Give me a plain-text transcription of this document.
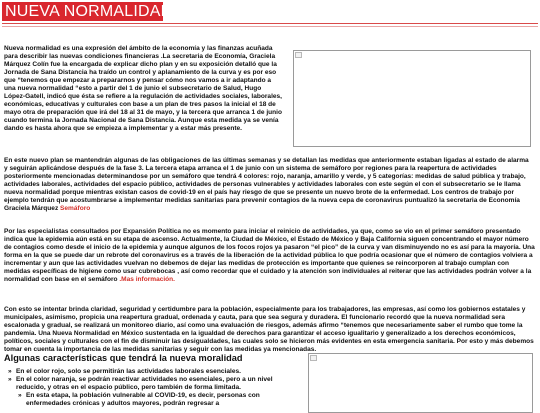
NUEVA NORMALIDAD

Nueva normalidad es una expresión del ámbito de la economía y las finanzas acuñada para describir las nuevas condiciones financieras .La secretaria de Economía, Graciela Márquez Colín fue la encargada de explicar dicho plan y en su exposición detalló que la Jornada de Sana Distancia ha traído un control y aplanamiento de la curva y es por eso que “tenemos que empezar a prepararnos y pensar cómo nos vamos a ir adaptando a una nueva normalidad “esto a partir del 1 de junio el subsecretario de Salud, Hugo López-Gatell, indicó que ésta se refiere a la regulación de actividades sociales, laborales, económicas, educativas y culturales con base a un plan de tres pasos la inicial el 18 de mayo otra de preparación que irá del 18 al 31 de mayo, y la tercera que arranca 1 de junio cuando termina la Jornada Nacional de Sana Distancia. Aunque esta medida ya se venía dando es hasta ahora que se empieza a implementar y a estar más presente.

En este nuevo plan se mantendrán algunas de las obligaciones de las últimas semanas y se detallan las medidas que anteriormente estaban ligadas al estado de alarma y seguirán aplicándose después de la fase 3. La tercera etapa arranca el 1 de junio con un sistema de semáforo por regiones para la reapertura de actividades posteriormente mencionadas determinandose por un semáforo que tendrá 4 colores: rojo, naranja, amarillo y verde, y 5 categorías: medidas de salud pública y trabajo, actividades laborales, actividades del espacio público, actividades de personas vulnerables y actividades laborales con este según el con el subsecretario se le llama nueva normalidad porque mientras existan casos de covid-19 en el país hay riesgo de que se presente un nuevo brote de la enfermedad. Los centros de trabajo por ejemplo tendrán que acostumbrarse a implementar medidas sanitarias para prevenir contagios de la nueva cepa de coronavirus puntualizó la secretaria de Economía Graciela Márquez Semáforo

Por las especialistas consultados por Expansión Política no es momento para iniciar el reinicio de actividades, ya que, como se vio en el primer semáforo presentado indica que la epidemia aún está en su etapa de ascenso. Actualmente, la Ciudad de México, el Estado de México y Baja California siguen concentrando el mayor número de contagios como desde el inicio de la epidemia y aunque algunos de los focos rojos ya pasaron “el pico” de la curva y van disminuyendo no es así para la mayoría. Una forma en la que se puede dar un rebrote del coronavirus es a través de la liberación de la actividad pública lo que podría ocasionar que el número de contagios volviera a incrementar y aun que las actividades vuelvan no debemos de dejar las medidas de protección es importante que quienes se reincorporen al trabajo cumplan con medidas específicas de higiene como usar cubrebocas , así como recordar que el cuidado y la atención son individuales al reiterar que las actividades podrán volver a la normalidad con base en el semáforo .Mas información.

Con esto se intentar brinda claridad, seguridad y certidumbre para la población, especialmente para los trabajadores, las empresas, así como los gobiernos estatales y municipales, asimismo, propicia una reapertura gradual, ordenada y cauta, para que sea segura y duradera. El funcionario recordó que la nueva normalidad sera escalonada y gradual, se realizará un monitoreo diario, así como una evaluación de riesgos, además afirmo “tenemos que necesariamente saber el rumbo que tome la pandemia. Una Nueva Normalidad en México sustentada en la igualdad de derechos para garantizar el acceso igualitario y generalizado a los derechos económicos, políticos, sociales y culturales con el fin de disminuir las desigualdades, las cuales solo se hicieron más evidentes en esta emergencia sanitaria. Por esto y más debemos tomar en cuenta la importancia de las medidas sanitarias y seguir con las medidas ya mencionadas.

Algunas características que tendrá la nueva moralidad
» En el color rojo, solo se permitirán las actividades laborales esenciales.
» En el color naranja, se podrán reactivar actividades no esenciales, pero a un nivel reducido, y otras en el espacio público, pero también de forma limitada.
» En esta etapa, la población vulnerable al COVID-19, es decir, personas con enfermedades crónicas y adultos mayores, podrán regresar a
